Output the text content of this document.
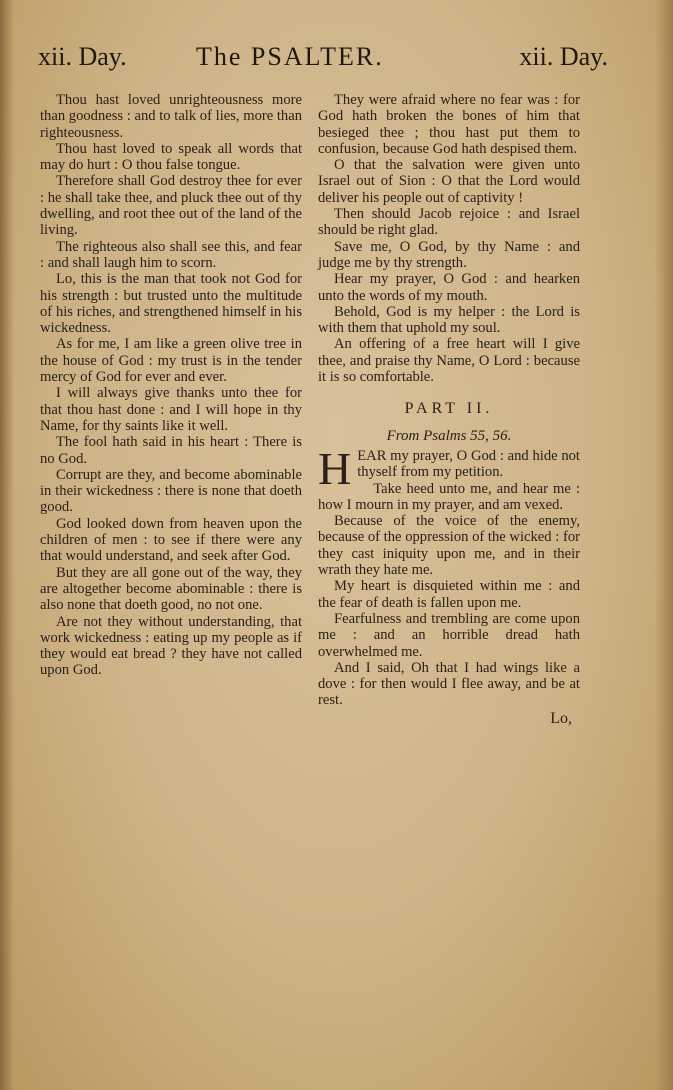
xii. Day.	The PSALTER.	xii. Day.

Thou hast loved unrighteousness more than goodness : and to talk of lies, more than righteousness.

Thou hast loved to speak all words that may do hurt : O thou false tongue.

Therefore shall God destroy thee for ever : he shall take thee, and pluck thee out of thy dwelling, and root thee out of the land of the living.

The righteous also shall see this, and fear : and shall laugh him to scorn.

Lo, this is the man that took not God for his strength : but trusted unto the multitude of his riches, and strengthened himself in his wickedness.

As for me, I am like a green olive tree in the house of God : my trust is in the tender mercy of God for ever and ever.

I will always give thanks unto thee for that thou hast done : and I will hope in thy Name, for thy saints like it well.

The fool hath said in his heart : There is no God.

Corrupt are they, and become abominable in their wickedness : there is none that doeth good.

God looked down from heaven upon the children of men : to see if there were any that would understand, and seek after God.

But they are all gone out of the way, they are altogether become abominable : there is also none that doeth good, no not one.

Are not they without understanding, that work wickedness : eating up my people as if they would eat bread ? they have not called upon God.

They were afraid where no fear was : for God hath broken the bones of him that besieged thee ; thou hast put them to confusion, because God hath despised them.

O that the salvation were given unto Israel out of Sion : O that the Lord would deliver his people out of captivity !

Then should Jacob rejoice : and Israel should be right glad.

Save me, O God, by thy Name : and judge me by thy strength.

Hear my prayer, O God : and hearken unto the words of my mouth.

Behold, God is my helper : the Lord is with them that uphold my soul.

An offering of a free heart will I give thee, and praise thy Name, O Lord : because it is so comfortable.

PART II.
From Psalms 55, 56.

H EAR my prayer, O God : and hide not thyself from my petition.

Take heed unto me, and hear me : how I mourn in my prayer, and am vexed.

Because of the voice of the enemy, because of the oppression of the wicked : for they cast iniquity upon me, and in their wrath they hate me.

My heart is disquieted within me : and the fear of death is fallen upon me.

Fearfulness and trembling are come upon me : and an horrible dread hath overwhelmed me.

And I said, Oh that I had wings like a dove : for then would I flee away, and be at rest.

Lo,
